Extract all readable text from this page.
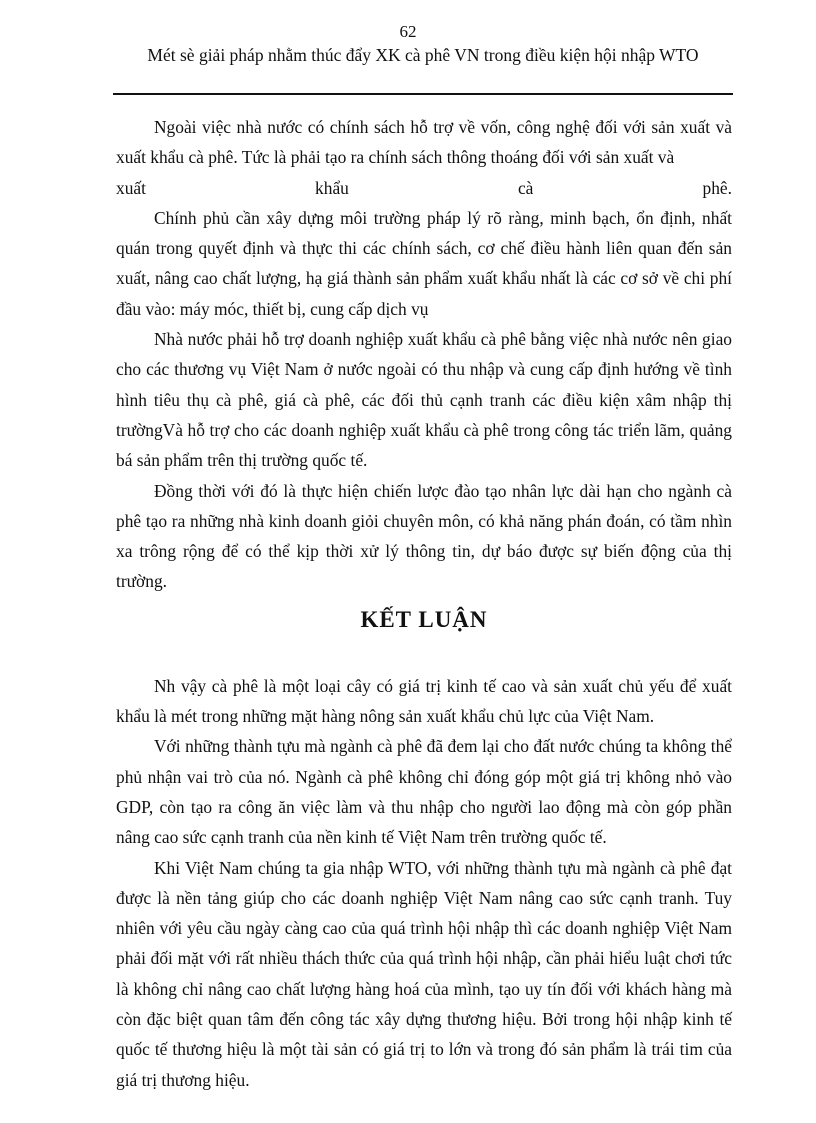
62
Mét sè giải pháp nhằm thúc đẩy XK cà phê VN trong điều kiện hội nhập WTO

Ngoài việc nhà nước có chính sách hỗ trợ về vốn, công nghệ đối với sản xuất và xuất khẩu cà phê. Tức là phải tạo ra chính sách thông thoáng đối với sản xuất và

xuất	khẩu	cà	phê.

Chính phủ cần xây dựng môi trường pháp lý rõ ràng, minh bạch, ổn định, nhất quán trong quyết định và thực thi các chính sách, cơ chế điều hành liên quan đến sản xuất, nâng cao chất lượng, hạ giá thành sản phẩm xuất khẩu nhất là các cơ sở về chi phí đầu vào: máy móc, thiết bị, cung cấp dịch vụ

Nhà nước phải hỗ trợ doanh nghiệp xuất khẩu cà phê bằng việc nhà nước nên giao cho các thương vụ Việt Nam ở nước ngoài có thu nhập và cung cấp định hướng về tình hình tiêu thụ cà phê, giá cà phê, các đối thủ cạnh tranh các điều kiện xâm nhập thị trườngVà hỗ trợ cho các doanh nghiệp xuất khẩu cà phê trong công tác triển lãm, quảng bá sản phẩm trên thị trường quốc tế.

Đồng thời với đó là thực hiện chiến lược đào tạo nhân lực dài hạn cho ngành cà phê tạo ra những nhà kinh doanh giỏi chuyên môn, có khả năng phán đoán, có tầm nhìn xa trông rộng để có thể kịp thời xử lý thông tin, dự báo được sự biến động của thị trường.

KẾT LUẬN

Nh vậy cà phê là một loại cây có giá trị kinh tế cao và sản xuất chủ yếu để xuất khẩu là mét trong những mặt hàng nông sản xuất khẩu chủ lực của Việt Nam.

Với những thành tựu mà ngành cà phê đã đem lại cho đất nước chúng ta không thể phủ nhận vai trò của nó. Ngành cà phê không chỉ đóng góp một giá trị không nhỏ vào GDP, còn tạo ra công ăn việc làm và thu nhập cho người lao động mà còn góp phần nâng cao sức cạnh tranh của nền kinh tế Việt Nam trên trường quốc tế.

Khi Việt Nam chúng ta gia nhập WTO, với những thành tựu mà ngành cà phê đạt được là nền tảng giúp cho các doanh nghiệp Việt Nam nâng cao sức cạnh tranh. Tuy nhiên với yêu cầu ngày càng cao của quá trình hội nhập thì các doanh nghiệp Việt Nam phải đối mặt với rất nhiều thách thức của quá trình hội nhập, cần phải hiểu luật chơi tức là không chỉ nâng cao chất lượng hàng hoá của mình, tạo uy tín đối với khách hàng mà còn đặc biệt quan tâm đến công tác xây dựng thương hiệu. Bởi trong hội nhập kinh tế quốc tế thương hiệu là một tài sản có giá trị to lớn và trong đó sản phẩm là trái tim của giá trị thương hiệu.
